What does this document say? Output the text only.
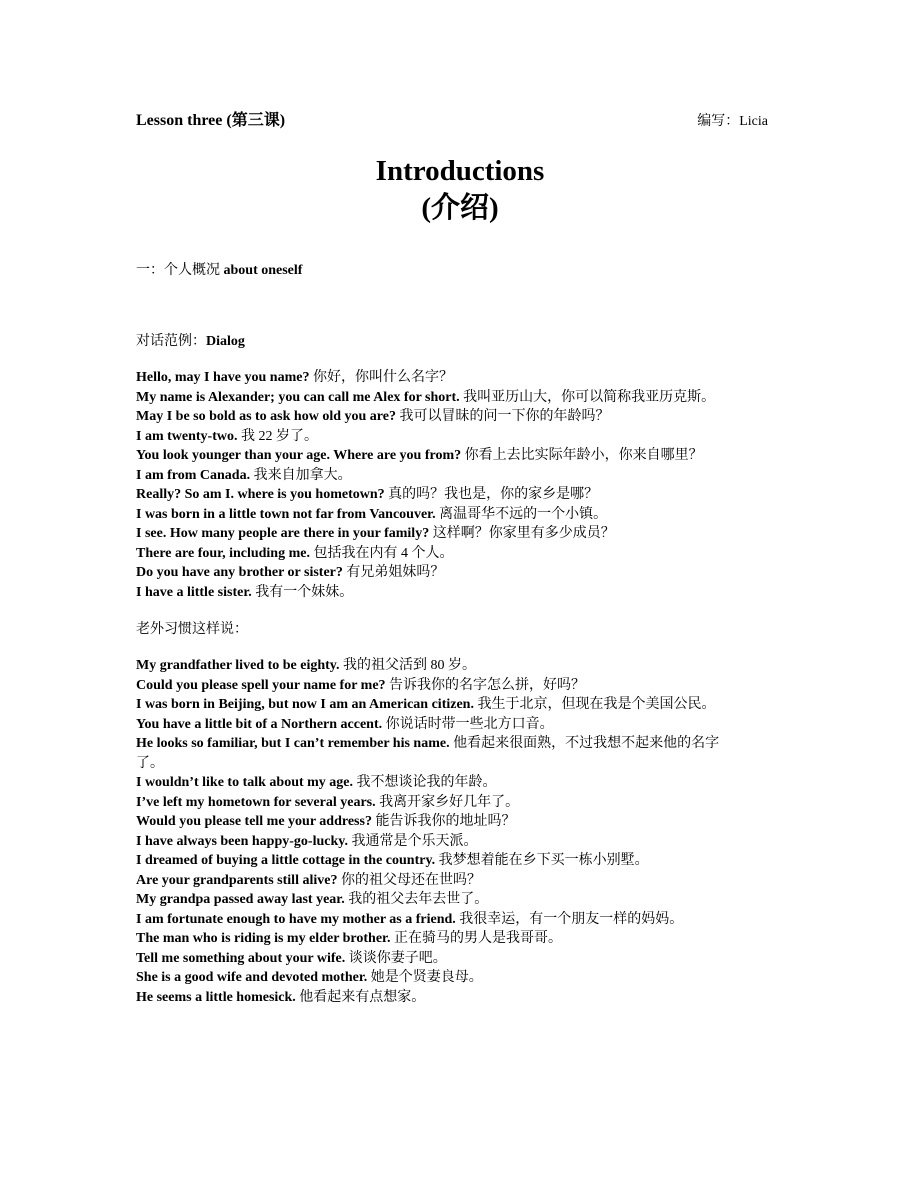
Lesson three (第三课)	编写：Licia
Introductions
(介绍)
一：个人概况 about oneself
对话范例：Dialog
Hello, may I have you name? 你好，你叫什么名字？
My name is Alexander; you can call me Alex for short. 我叫亚历山大，你可以简称我亚历克斯。
May I be so bold as to ask how old you are? 我可以冒昧的问一下你的年龄吗？
I am twenty-two. 我 22 岁了。
You look younger than your age. Where are you from? 你看上去比实际年龄小，你来自哪里？
I am from Canada. 我来自加拿大。
Really? So am I. where is you hometown? 真的吗？我也是，你的家乡是哪？
I was born in a little town not far from Vancouver. 离温哥华不远的一个小镇。
I see. How many people are there in your family? 这样啊？你家里有多少成员？
There are four, including me. 包括我在内有 4 个人。
Do you have any brother or sister? 有兄弟姐妹吗？
I have a little sister. 我有一个妹妹。
老外习惯这样说：
My grandfather lived to be eighty. 我的祖父活到 80 岁。
Could you please spell your name for me? 告诉我你的名字怎么拼，好吗？
I was born in Beijing, but now I am an American citizen. 我生于北京，但现在我是个美国公民。
You have a little bit of a Northern accent. 你说话时带一些北方口音。
He looks so familiar, but I can’t remember his name. 他看起来很面熟，不过我想不起来他的名字
了。
I wouldn’t like to talk about my age. 我不想谈论我的年龄。
I’ve left my hometown for several years. 我离开家乡好几年了。
Would you please tell me your address? 能告诉我你的地址吗？
I have always been happy-go-lucky. 我通常是个乐天派。
I dreamed of buying a little cottage in the country. 我梦想着能在乡下买一栋小别墅。
Are your grandparents still alive? 你的祖父母还在世吗？
My grandpa passed away last year. 我的祖父去年去世了。
I am fortunate enough to have my mother as a friend. 我很幸运，有一个朋友一样的妈妈。
The man who is riding is my elder brother. 正在骑马的男人是我哥哥。
Tell me something about your wife. 谈谈你妻子吧。
She is a good wife and devoted mother. 她是个贤妻良母。
He seems a little homesick. 他看起来有点想家。
